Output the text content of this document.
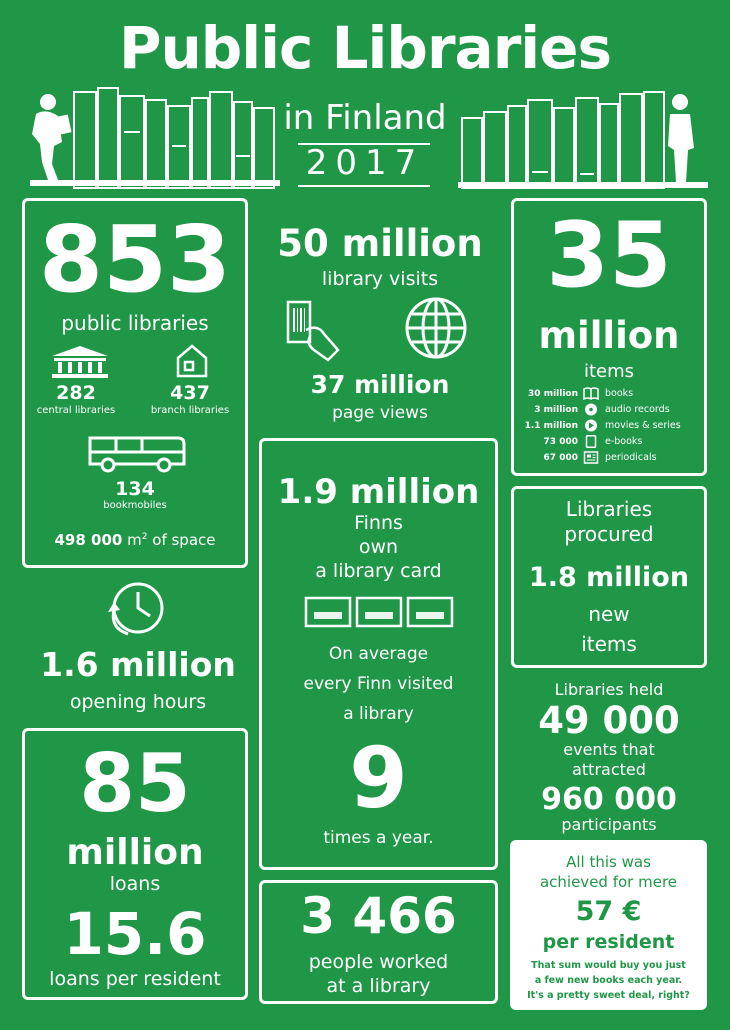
Public Libraries
in Finland
2017
853
public libraries
282
central libraries
437
branch libraries
134
bookmobiles
498 000 $m^2$ of space
50 million
library visits
37 million
page views
35
million
items
30 million	books
3 million	audio records
1.1 million	movies & series
73 000	e-books
67 000	periodicals
1.9 million
Finns
own
a library card
On average
every Finn visited
a library
9
times a year.
Libraries
procured
1.8 million
new
items
1.6 million
opening hours
Libraries held
49 000
events that
attracted
960 000
participants
85
million
loans
15.6
loans per resident
3 466
people worked
at a library
All this was
achieved for mere
57 €
per resident
That sum would buy you just
a few new books each year.
It's a pretty sweet deal, right?
